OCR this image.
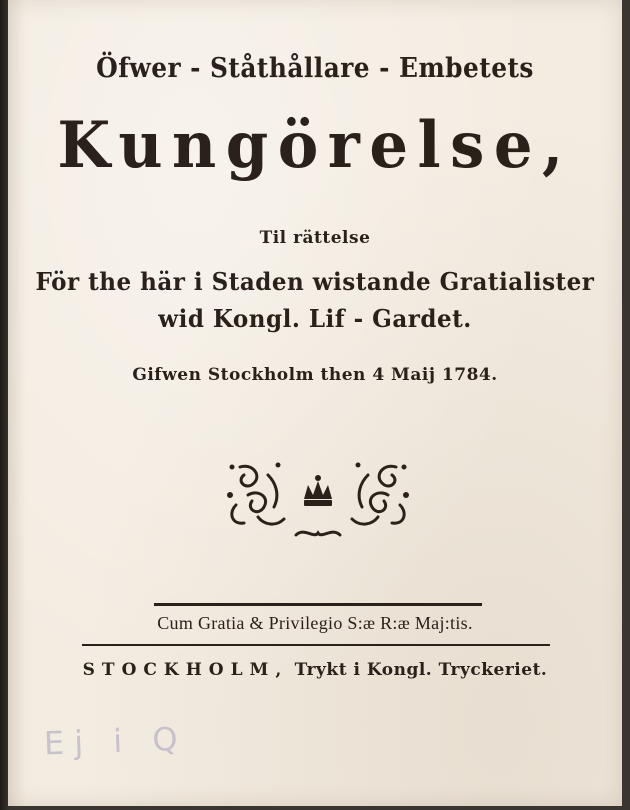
Öfwer - Ståthållare - Embetets
Kungörelse,
Til rättelse
För the här i Staden wistande Gratialister
wid Kongl. Lif - Gardet.
Gifwen Stockholm then 4 Maij 1784.
Cum Gratia & Privilegio S:æ R:æ Maj:tis.
STOCKHOLM, Trykt i Kongl. Tryckeriet.
Ej i Q
